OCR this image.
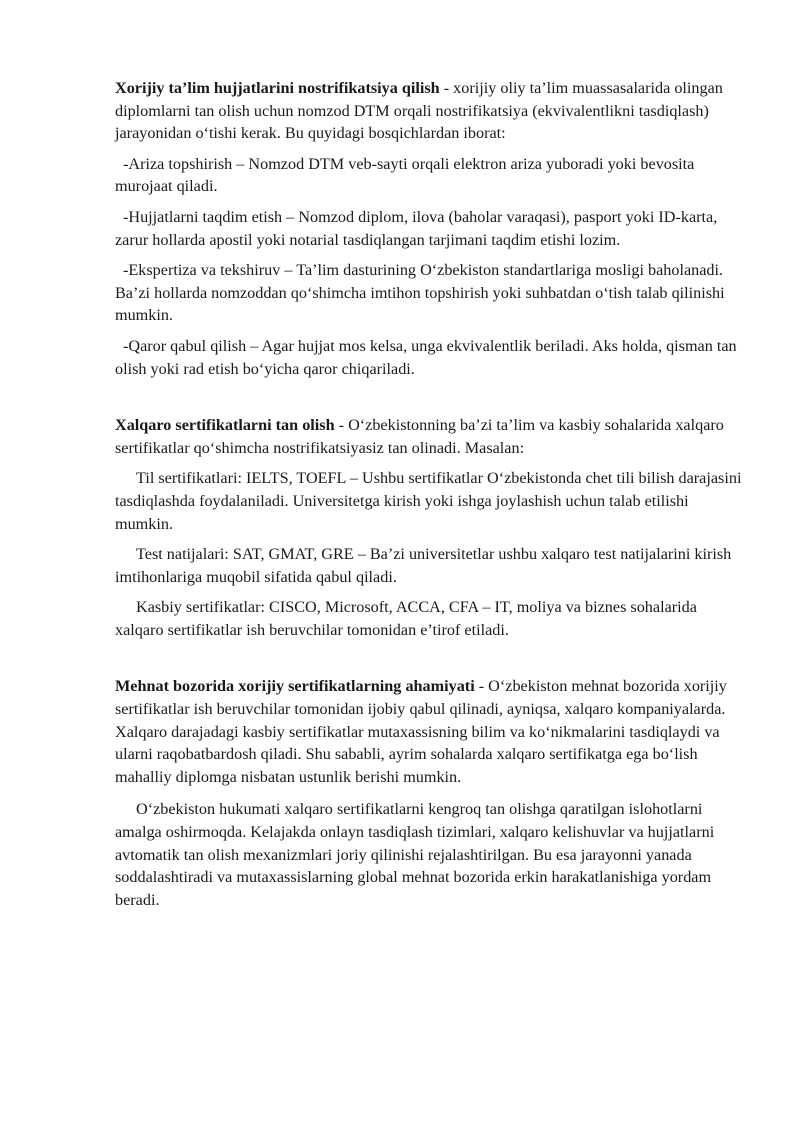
Xorijiy ta’lim hujjatlarini nostrifikatsiya qilish - xorijiy oliy ta’lim muassasalarida olingan diplomlarni tan olish uchun nomzod DTM orqali nostrifikatsiya (ekvivalentlikni tasdiqlash) jarayonidan o‘tishi kerak. Bu quyidagi bosqichlardan iborat:

-Ariza topshirish – Nomzod DTM veb-sayti orqali elektron ariza yuboradi yoki bevosita murojaat qiladi.

-Hujjatlarni taqdim etish – Nomzod diplom, ilova (baholar varaqasi), pasport yoki ID-karta, zarur hollarda apostil yoki notarial tasdiqlangan tarjimani taqdim etishi lozim.

-Ekspertiza va tekshiruv – Ta’lim dasturining O‘zbekiston standartlariga mosligi baholanadi. Ba’zi hollarda nomzoddan qo‘shimcha imtihon topshirish yoki suhbatdan o‘tish talab qilinishi mumkin.

-Qaror qabul qilish – Agar hujjat mos kelsa, unga ekvivalentlik beriladi. Aks holda, qisman tan olish yoki rad etish bo‘yicha qaror chiqariladi.

Xalqaro sertifikatlarni tan olish - O‘zbekistonning ba’zi ta’lim va kasbiy sohalarida xalqaro sertifikatlar qo‘shimcha nostrifikatsiyasiz tan olinadi. Masalan:

Til sertifikatlari: IELTS, TOEFL – Ushbu sertifikatlar O‘zbekistonda chet tili bilish darajasini tasdiqlashda foydalaniladi. Universitetga kirish yoki ishga joylashish uchun talab etilishi mumkin.

Test natijalari: SAT, GMAT, GRE – Ba’zi universitetlar ushbu xalqaro test natijalarini kirish imtihonlariga muqobil sifatida qabul qiladi.

Kasbiy sertifikatlar: CISCO, Microsoft, ACCA, CFA – IT, moliya va biznes sohalarida xalqaro sertifikatlar ish beruvchilar tomonidan e’tirof etiladi.

Mehnat bozorida xorijiy sertifikatlarning ahamiyati - O‘zbekiston mehnat bozorida xorijiy sertifikatlar ish beruvchilar tomonidan ijobiy qabul qilinadi, ayniqsa, xalqaro kompaniyalarda. Xalqaro darajadagi kasbiy sertifikatlar mutaxassisning bilim va ko‘nikmalarini tasdiqlaydi va ularni raqobatbardosh qiladi. Shu sababli, ayrim sohalarda xalqaro sertifikatga ega bo‘lish mahalliy diplomga nisbatan ustunlik berishi mumkin.

O‘zbekiston hukumati xalqaro sertifikatlarni kengroq tan olishga qaratilgan islohotlarni amalga oshirmoqda. Kelajakda onlayn tasdiqlash tizimlari, xalqaro kelishuvlar va hujjatlarni avtomatik tan olish mexanizmlari joriy qilinishi rejalashtirilgan. Bu esa jarayonni yanada soddalashtiradi va mutaxassislarning global mehnat bozorida erkin harakatlanishiga yordam beradi.
